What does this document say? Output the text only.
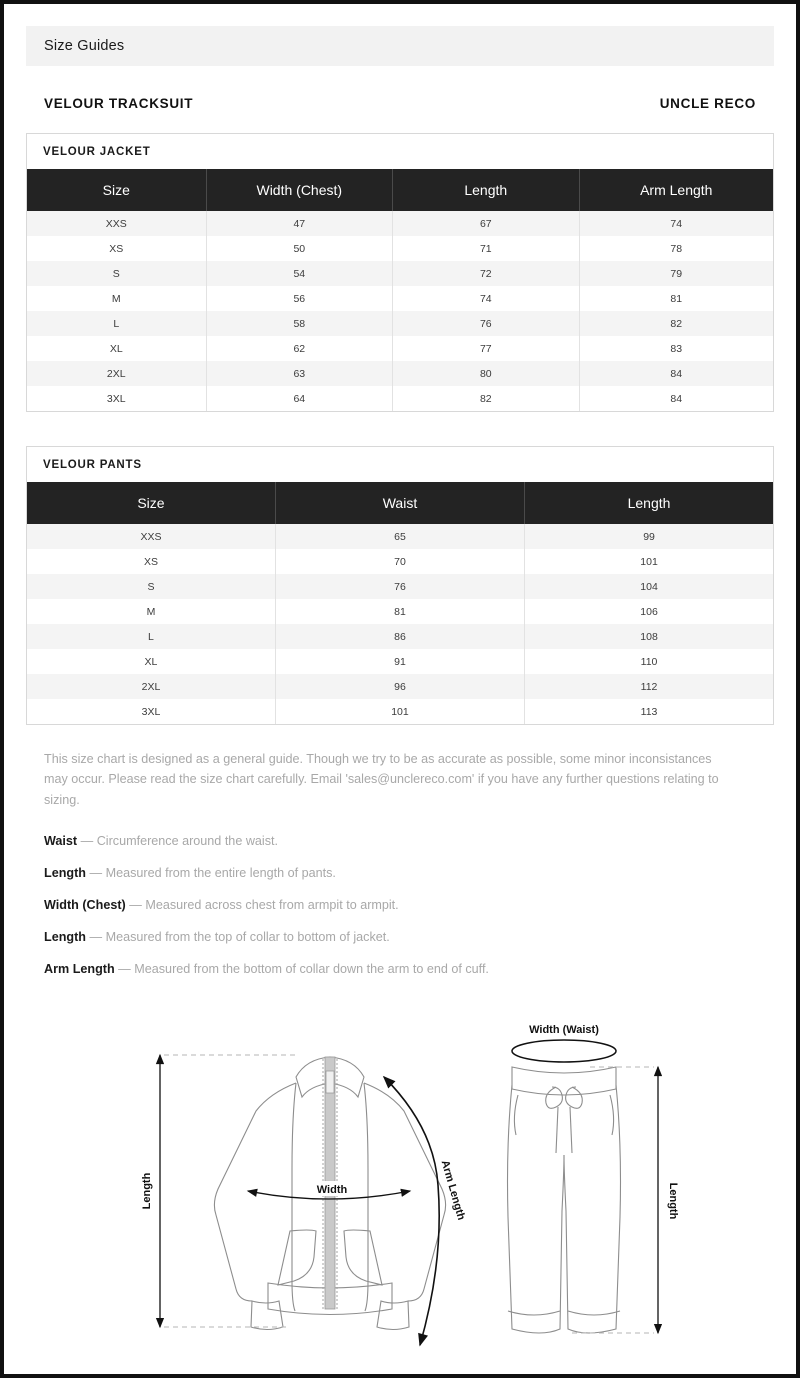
Size Guides
VELOUR TRACKSUIT	UNCLE RECO
VELOUR JACKET
Size	Width (Chest)	Length	Arm Length
XXS	47	67	74
XS	50	71	78
S	54	72	79
M	56	74	81
L	58	76	82
XL	62	77	83
2XL	63	80	84
3XL	64	82	84
VELOUR PANTS
Size	Waist	Length
XXS	65	99
XS	70	101
S	76	104
M	81	106
L	86	108
XL	91	110
2XL	96	112
3XL	101	113

This size chart is designed as a general guide. Though we try to be as accurate as possible, some minor inconsistances may occur. Please read the size chart carefully. Email 'sales@unclereco.com' if you have any further questions relating to sizing.

Waist — Circumference around the waist.
Length — Measured from the entire length of pants.
Width (Chest) — Measured across chest from armpit to armpit.
Length — Measured from the top of collar to bottom of jacket.
Arm Length — Measured from the bottom of collar down the arm to end of cuff.
Length	Width	Arm Length
Width (Waist)
Length
